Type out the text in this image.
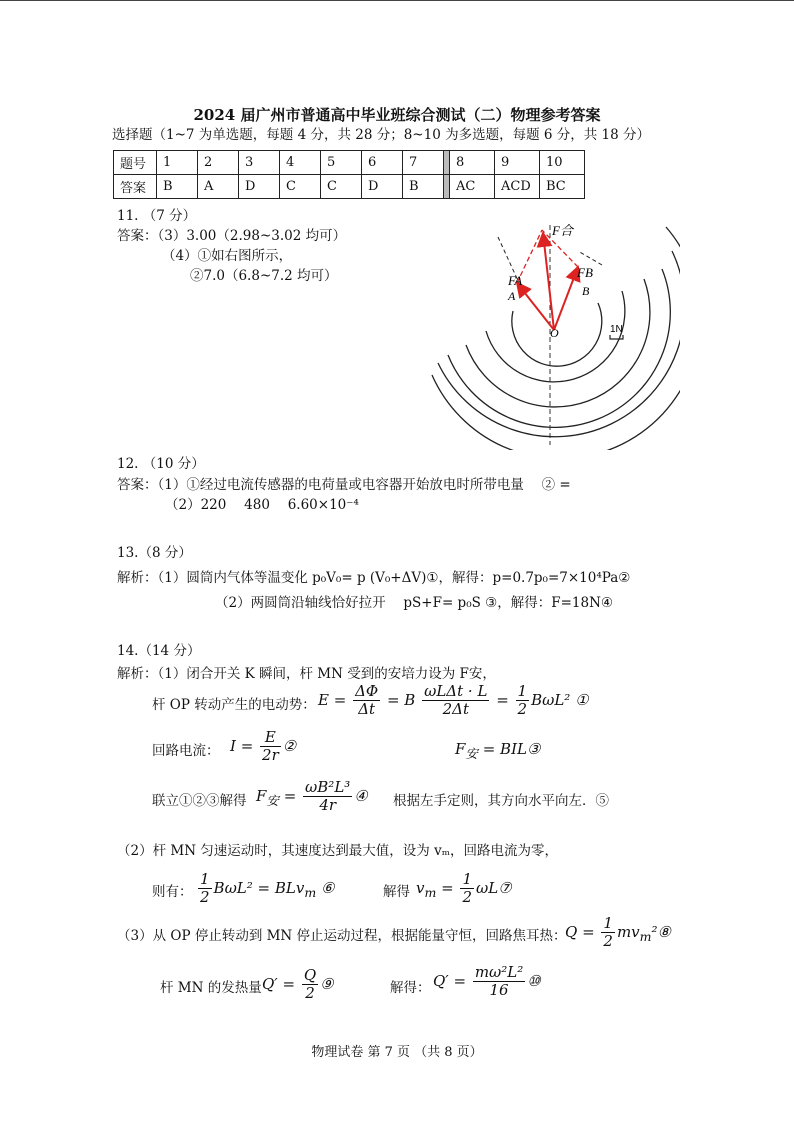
2024 届广州市普通高中毕业班综合测试（二）物理参考答案
选择题（1~7 为单选题，每题 4 分，共 28 分；8~10 为多选题，每题 6 分，共 18 分）
题号	1	2	3	4	5	6	7		8	9	10
答案	B	A	D	C	C	D	B		AC	ACD	BC
11. （7 分）
答案：（3）3.00（2.98~3.02 均可）
（4）①如右图所示，
②7.0（6.8~7.2 均可）
F合
FA
FB
A	B
O	1N
12. （10 分）
答案：（1）①经过电流传感器的电荷量或电容器开始放电时所带电量　 ② =
（2）220　 480　 6.60×10⁻⁴
13.（8 分）
解析：（1）圆筒内气体等温变化 p₀V₀= p (V₀+ΔV)①，解得：p=0.7p₀=7×10⁴Pa②
（2）两圆筒沿轴线恰好拉开　 pS+F= p₀S ③，解得：F=18N④
14.（14 分）
解析：（1）闭合开关 K 瞬间，杆 MN 受到的安培力设为 F安，
杆 OP 转动产生的电动势： $E = \frac{\Delta\Phi}{\Delta t} = B \frac{\text{ωLΔt · L}}{2\Delta t} = \frac{1}{2} B\omega L^2$ ①
回路电流： $I = \frac{E}{2r}$ ②	$F_安$ = BIL③
联立①②③解得 $F_安 = \frac{\text{ωB²L³}}{4r}$ ④ 根据左手定则，其方向水平向左．⑤
（2）杆 MN 匀速运动时，其速度达到最大值，设为 vₘ，回路电流为零，
则有： $\frac{1}{2} B\omega L^2 = BLv_m$ ⑥	解得 $v_m = \frac{1}{2}$ ωL⑦
（3）从 OP 停止转动到 MN 停止运动过程，根据能量守恒，回路焦耳热：
$Q = \frac{1}{2}$ $mv_m^2⑧$
杆 MN 的发热量 $Q' = \frac{Q}{2}$ ⑨	解得： $Q' = \frac{\text{mω²L²}}{16}$ ⑩
物理试卷 第 7 页 （共 8 页）
